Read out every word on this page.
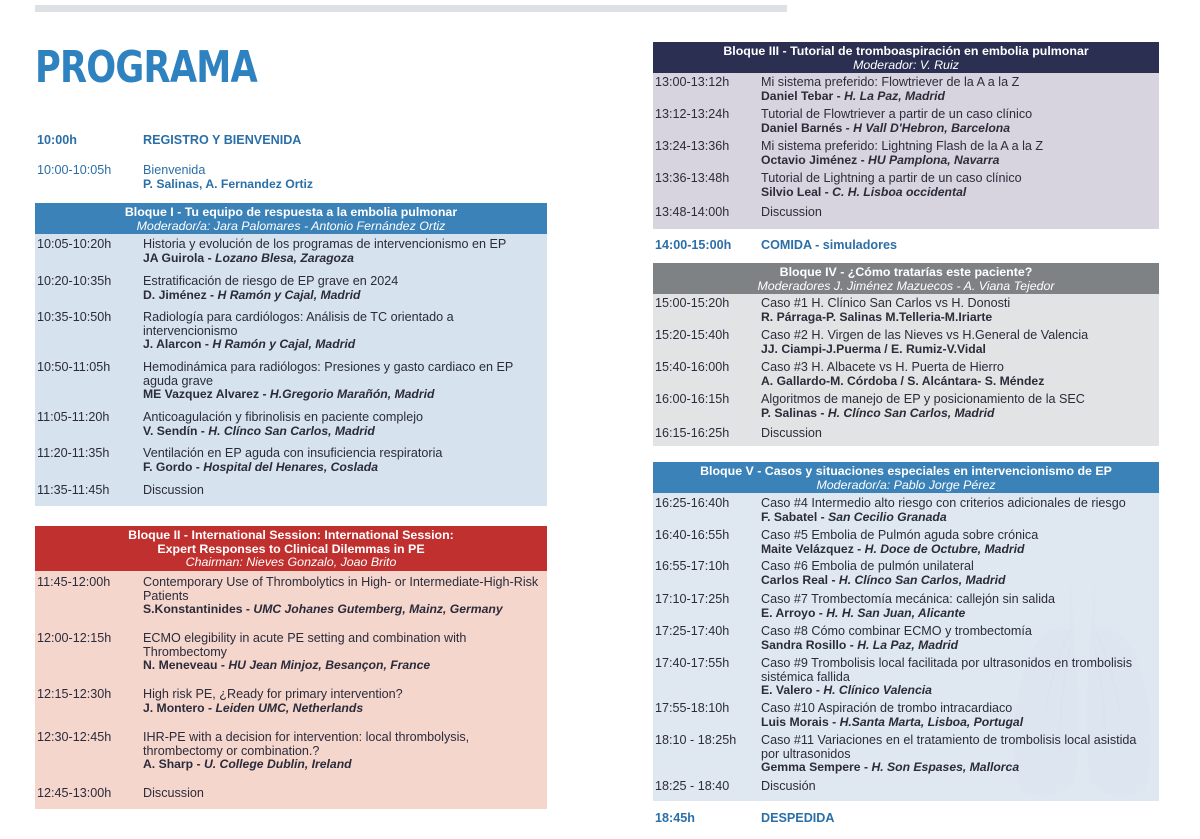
PROGRAMA
10:00h	REGISTRO Y BIENVENIDA
10:00-10:05h	Bienvenida
P. Salinas, A. Fernandez Ortiz
Bloque I - Tu equipo de respuesta a la embolia pulmonar
Moderador/a: Jara Palomares - Antonio Fernández Ortiz
10:05-10:20h	Historia y evolución de los programas de intervencionismo en EP
JA Guirola - Lozano Blesa, Zaragoza
10:20-10:35h	Estratificación de riesgo de EP grave en 2024
D. Jiménez - H Ramón y Cajal, Madrid
10:35-10:50h	Radiología para cardiólogos: Análisis de TC orientado a intervencionismo
J. Alarcon - H Ramón y Cajal, Madrid
10:50-11:05h	Hemodinámica para radiólogos: Presiones y gasto cardiaco en EP aguda grave
ME Vazquez Alvarez - H.Gregorio Marañón, Madrid
11:05-11:20h	Anticoagulación y fibrinolisis en paciente complejo
V. Sendín - H. Clínco San Carlos, Madrid
11:20-11:35h	Ventilación en EP aguda con insuficiencia respiratoria
F. Gordo - Hospital del Henares, Coslada
11:35-11:45h	Discussion
Bloque II - International Session: International Session:
Expert Responses to Clinical Dilemmas in PE
Chairman: Nieves Gonzalo, Joao Brito
11:45-12:00h	Contemporary Use of Thrombolytics in High- or Intermediate-High-Risk Patients
S.Konstantinides - UMC Johanes Gutemberg, Mainz, Germany
12:00-12:15h	ECMO elegibility in acute PE setting and combination with Thrombectomy
N. Meneveau - HU Jean Minjoz, Besançon, France
12:15-12:30h	High risk PE, ¿Ready for primary intervention?
J. Montero - Leiden UMC, Netherlands
12:30-12:45h	IHR-PE with a decision for intervention: local thrombolysis, thrombectomy or combination.?
A. Sharp - U. College Dublin, Ireland
12:45-13:00h	Discussion
Bloque III - Tutorial de tromboaspiración en embolia pulmonar
Moderador: V. Ruiz
13:00-13:12h	Mi sistema preferido: Flowtriever de la A a la Z
Daniel Tebar - H. La Paz, Madrid
13:12-13:24h	Tutorial de Flowtriever a partir de un caso clínico
Daniel Barnés - H Vall D'Hebron, Barcelona
13:24-13:36h	Mi sistema preferido: Lightning Flash de la A a la Z
Octavio Jiménez - HU Pamplona, Navarra
13:36-13:48h	Tutorial de Lightning a partir de un caso clínico
Silvio Leal - C. H. Lisboa occidental
13:48-14:00h	Discussion
14:00-15:00h COMIDA - simuladores
Bloque IV - ¿Cómo tratarías este paciente?
Moderadores J. Jiménez Mazuecos - A. Viana Tejedor
15:00-15:20h	Caso #1 H. Clínico San Carlos vs H. Donosti
R. Párraga-P. Salinas M.Telleria-M.Iriarte
15:20-15:40h	Caso #2 H. Virgen de las Nieves vs H.General de Valencia
JJ. Ciampi-J.Puerma / E. Rumiz-V.Vidal
15:40-16:00h	Caso #3 H. Albacete vs H. Puerta de Hierro
A. Gallardo-M. Córdoba / S. Alcántara- S. Méndez
16:00-16:15h	Algoritmos de manejo de EP y posicionamiento de la SEC
P. Salinas - H. Clínco San Carlos, Madrid
16:15-16:25h	Discussion
Bloque V - Casos y situaciones especiales en intervencionismo de EP
Moderador/a: Pablo Jorge Pérez
16:25-16:40h	Caso #4 Intermedio alto riesgo con criterios adicionales de riesgo
F. Sabatel - San Cecilio Granada
16:40-16:55h	Caso #5 Embolia de Pulmón aguda sobre crónica
Maite Velázquez - H. Doce de Octubre, Madrid
16:55-17:10h	Caso #6 Embolia de pulmón unilateral
Carlos Real - H. Clínco San Carlos, Madrid
17:10-17:25h	Caso #7 Trombectomía mecánica: callejón sin salida
E. Arroyo - H. H. San Juan, Alicante
17:25-17:40h	Caso #8 Cómo combinar ECMO y trombectomía
Sandra Rosillo - H. La Paz, Madrid
17:40-17:55h	Caso #9 Trombolisis local facilitada por ultrasonidos en trombolisis sistémica fallida
E. Valero - H. Clínico Valencia
17:55-18:10h	Caso #10 Aspiración de trombo intracardiaco
Luis Morais - H.Santa Marta, Lisboa, Portugal
18:10 - 18:25h Caso #11 Variaciones en el tratamiento de trombolisis local asistida por ultrasonidos
Gemma Sempere - H. Son Espases, Mallorca
18:25 - 18:40	Discusión
18:45h	DESPEDIDA
